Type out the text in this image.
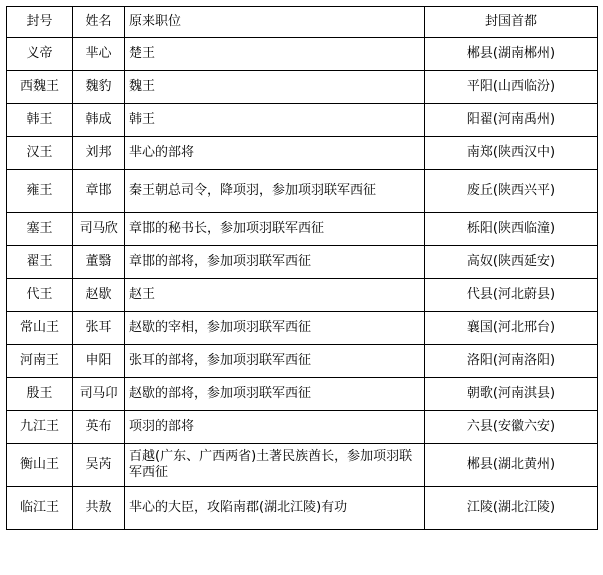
封号	姓名	原来职位	封国首都
义帝	芈心	楚王	郴县(湖南郴州)
西魏王	魏豹	魏王	平阳(山西临汾)
韩王	韩成	韩王	阳翟(河南禹州)
汉王	刘邦	芈心的部将	南郑(陕西汉中)
雍王	章邯	秦王朝总司令，降项羽，参加项羽联军西征	废丘(陕西兴平)
塞王	司马欣	章邯的秘书长，参加项羽联军西征	栎阳(陕西临潼)
翟王	董翳	章邯的部将，参加项羽联军西征	高奴(陕西延安)
代王	赵歇	赵王	代县(河北蔚县)
常山王	张耳	赵歇的宰相，参加项羽联军西征	襄国(河北邢台)
河南王	申阳	张耳的部将，参加项羽联军西征	洛阳(河南洛阳)
殷王	司马卬	赵歇的部将，参加项羽联军西征	朝歌(河南淇县)
九江王	英布	项羽的部将	六县(安徽六安)
衡山王	吴芮	百越(广东、广西两省)土著民族酋长，参加项羽联军西征	郴县(湖北黄州)
临江王	共敖	芈心的大臣，攻陷南郡(湖北江陵)有功	江陵(湖北江陵)
